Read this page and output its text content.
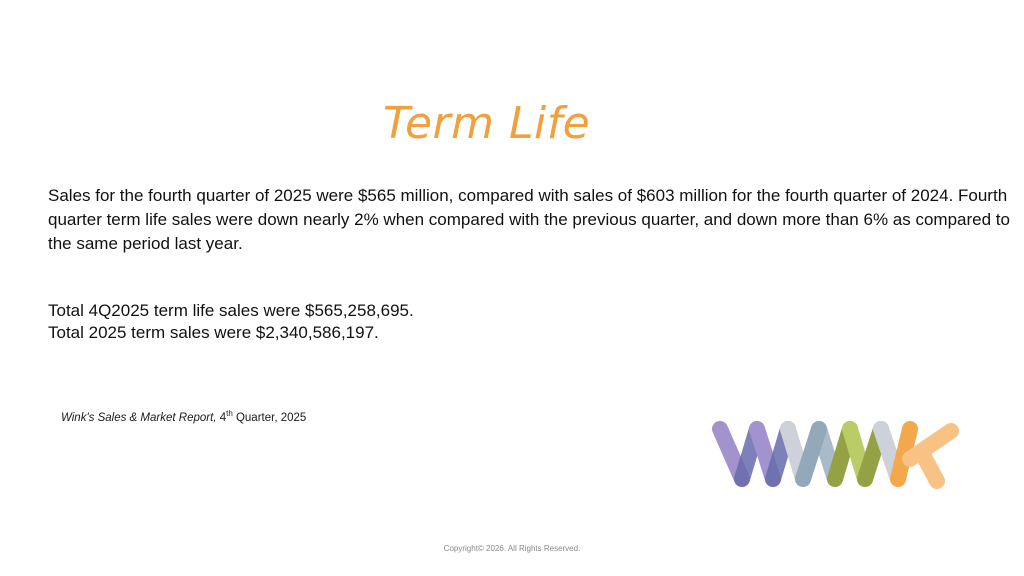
Term Life

Sales for the fourth quarter of 2025 were $565 million, compared with sales of $603 million for the fourth quarter of 2024. Fourth quarter term life sales were down nearly 2% when compared with the previous quarter, and down more than 6% as compared to the same period last year.

Total 4Q2025 term life sales were $565,258,695.
Total 2025 term sales were $2,340,586,197.
Wink's Sales & Market Report, 4th Quarter, 2025
Copyright© 2026. All Rights Reserved.
